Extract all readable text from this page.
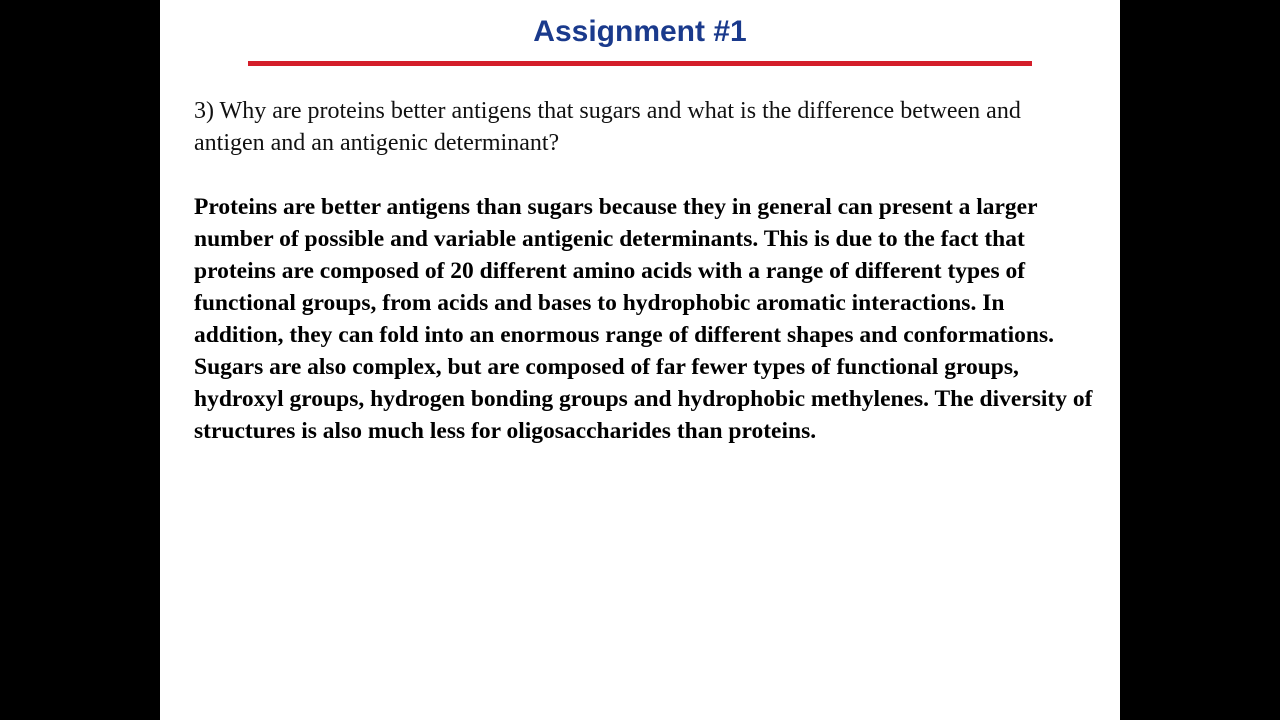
Assignment #1

3) Why are proteins better antigens that sugars and what is the difference between and antigen and an antigenic determinant?

Proteins are better antigens than sugars because they in general can present a larger number of possible and variable antigenic determinants. This is due to the fact that proteins are composed of 20 different amino acids with a range of different types of functional groups, from acids and bases to hydrophobic aromatic interactions. In addition, they can fold into an enormous range of different shapes and conformations. Sugars are also complex, but are composed of far fewer types of functional groups, hydroxyl groups, hydrogen bonding groups and hydrophobic methylenes. The diversity of structures is also much less for oligosaccharides than proteins.
